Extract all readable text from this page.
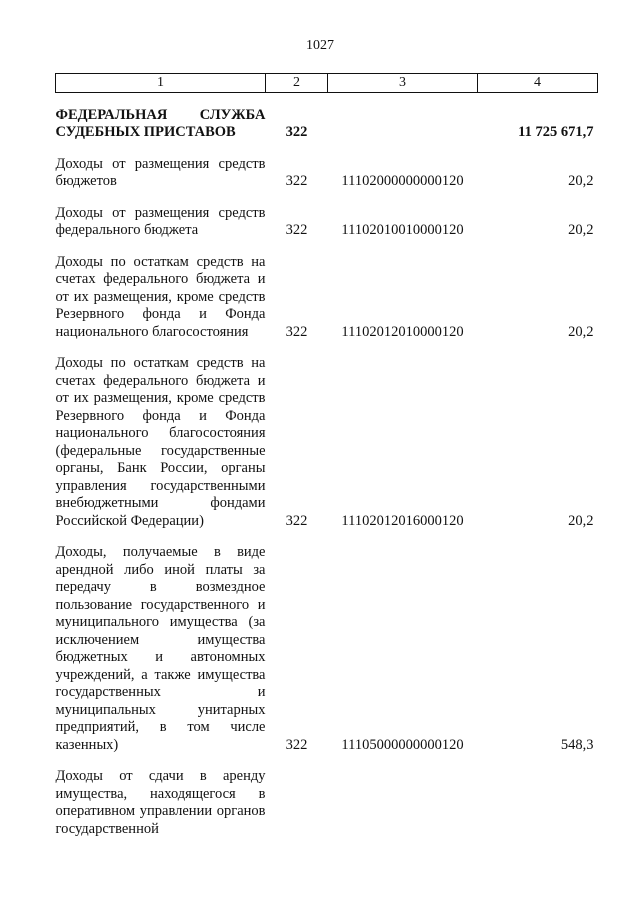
1027
1	2	3	4
ФЕДЕРАЛЬНАЯ СЛУЖБА СУДЕБНЫХ ПРИСТАВОВ	322		11 725 671,7
Доходы от размещения средств бюджетов	322	11102000000000120	20,2
Доходы от размещения средств федерального бюджета	322	11102010010000120	20,2
Доходы по остаткам средств на счетах федерального бюджета и от их размещения, кроме средств Резервного фонда и Фонда национального благосостояния	322	11102012010000120	20,2
Доходы по остаткам средств на счетах федерального бюджета и от их размещения, кроме средств Резервного фонда и Фонда национального благосостояния (федеральные государственные органы, Банк России, органы управления государственными внебюджетными фондами Российской Федерации)	322	11102012016000120	20,2
Доходы, получаемые в виде арендной либо иной платы за передачу в возмездное пользование государственного и муниципального имущества (за исключением имущества бюджетных и автономных учреждений, а также имущества государственных и муниципальных унитарных предприятий, в том числе казенных)	322	11105000000000120	548,3
Доходы от сдачи в аренду имущества, находящегося в оперативном управлении органов государственной			
